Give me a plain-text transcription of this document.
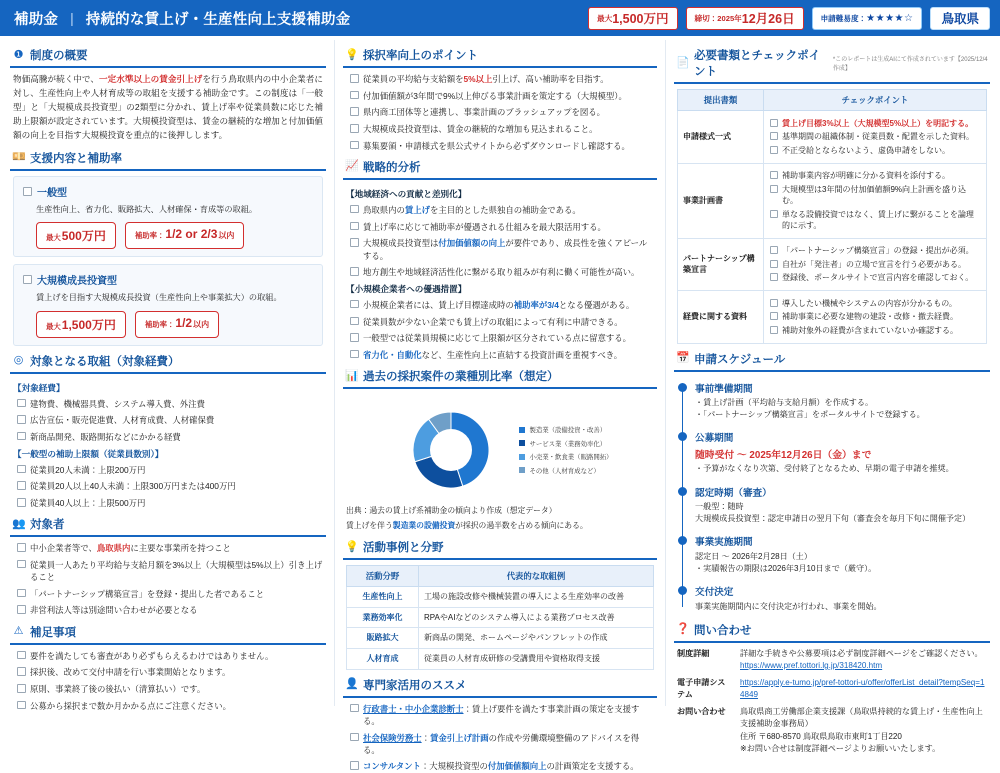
補助金 | 持続的な賃上げ・生産性向上支援補助金	最大 1,500万円	締切： 2025年 12月26日	申請難易度： ★★★★☆ 鳥取県
❶ 制度の概要

物価高騰が続く中で、一定水準以上の賃金引上げを行う鳥取県内の中小企業者に対し、生産性向上や人材育成等の取組を支援する補助金です。この制度は「一般型」と「大規模成長投資型」の2類型に分かれ、賃上げ率や従業員数に応じた補助上限額が設定されています。大規模投資型は、賃金の継続的な増加と付加価値額の向上を目指す大規模投資を重点的に後押しします。

💴 支援内容と補助率
一般型
生産性向上、省力化、販路拡大、人材確保・育成等の取組。
最大 500万円	補助率： 1/2 or 2/3 以内
大規模成長投資型
賃上げを目指す大規模成長投資（生産性向上や事業拡大）の取組。
最大 1,500万円	補助率： 1/2 以内
◎ 対象となる取組（対象経費）
【対象経費】
建物費、機械器具費、システム導入費、外注費
広告宣伝・販売促進費、人材育成費、人材確保費
新商品開発、販路開拓などにかかる経費
【一般型の補助上限額（従業員数別）】
従業員20人未満：上限200万円
従業員20人以上40人未満：上限300万円または400万円
従業員40人以上：上限500万円
👥 対象者
中小企業者等で、鳥取県内に主要な事業所を持つこと
従業員一人あたり平均給与支給月額を3%以上（大規模型は5%以上）引き上げること
「パートナーシップ構築宣言」を登録・提出した者であること
非営利法人等は別途問い合わせが必要となる
⚠ 補足事項
要件を満たしても審査があり必ずもらえるわけではありません。
採択後、改めて交付申請を行い事業開始となります。
原則、事業終了後の後払い（清算払い）です。
公募から採択まで数か月かかる点にご注意ください。
💡 採択率向上のポイント
従業員の平均給与支給額を5%以上引上げ、高い補助率を目指す。
付加価値額が3年間で9%以上伸びる事業計画を策定する（大規模型）。
県内商工団体等と連携し、事業計画のブラッシュアップを図る。
大規模成長投資型は、賃金の継続的な増加も見込まれること。
募集要領・申請様式を県公式サイトから必ずダウンロードし確認する。
📈 戦略的分析
【地域経済への貢献と差別化】
鳥取県内の賃上げを主目的とした県独自の補助金である。
賃上げ率に応じて補助率が優遇される仕組みを最大限活用する。
大規模成長投資型は付加価値額の向上が要件であり、成長性を強くアピールする。
地方創生や地域経済活性化に繋がる取り組みが有利に働く可能性が高い。
【小規模企業者への優遇措置】
小規模企業者には、賃上げ目標達成時の補助率が3/4となる優遇がある。
従業員数が少ない企業でも賃上げの取組によって有利に申請できる。
一般型では従業員規模に応じて上限額が区分されている点に留意する。
省力化・自動化など、生産性向上に直結する投資計画を重視すべき。
📊 過去の採択案件の業種別比率（想定）
製造業（設備投資・改善）
サービス業（業務効率化）
小売業・飲食業（販路開拓）
その他（人材育成など）
出典：過去の賃上げ系補助金の傾向より作成（想定データ）
賃上げを伴う製造業の設備投資が採択の過半数を占める傾向にある。
💡 活動事例と分野
活動分野	代表的な取組例
生産性向上	工場の施設改修や機械装置の導入による生産効率の改善
業務効率化	RPAやAIなどのシステム導入による業務プロセス改善
販路拡大	新商品の開発、ホームページやパンフレットの作成
人材育成	従業員の人材育成研修の受講費用や資格取得支援
👤 専門家活用のススメ
行政書士・中小企業診断士：賃上げ要件を満たす事業計画の策定を支援する。
社会保険労務士：賃金引上げ計画の作成や労働環境整備のアドバイスを得る。
コンサルタント：大規模投資型の付加価値額向上の計画策定を支援する。
📄
必要書類とチェックポイント
*このレポートは生成AIにて作成されています【2025/12/4作成】
提出書類	チェックポイント
申請様式一式	
賃上げ目標3%以上（大規模型5%以上）を明記する。
基準期間の組織体制・従業員数・配置を示した資料。
不正受給とならないよう、虚偽申請をしない。

事業計画書	
補助事業内容が明確に分かる資料を添付する。
大規模型は3年間の付加価値額9%向上計画を盛り込む。
単なる設備投資ではなく、賃上げに繋がることを論理的に示す。

パートナーシップ構築宣言	
「パートナーシップ構築宣言」の登録・提出が必須。
自社が「発注者」の立場で宣言を行う必要がある。
登録後、ポータルサイトで宣言内容を確認しておく。

経費に関する資料	
導入したい機械やシステムの内容が分かるもの。
補助事業に必要な建物の建設・改修・撤去経費。
補助対象外の経費が含まれていないか確認する。
📅 申請スケジュール
事前準備期間
・賃上げ計画（平均給与支給月額）を作成する。
・「パートナーシップ構築宣言」をポータルサイトで登録する。
公募期間
随時受付 ～ 2025年12月26日（金）まで
・予算がなくなり次第、受付終了となるため、早期の電子申請を推奨。
認定時期（審査）
一般型：随時
大規模成長投資型：認定申請日の翌月下旬（審査会を毎月下旬に開催予定）
事業実施期間
認定日 ～ 2026年2月28日（土）
・実績報告の期限は2026年3月10日まで（厳守）。
交付決定
事業実施期間内に交付決定が行われ、事業を開始。
❓ 問い合わせ
制度詳細	詳細な手続きや公募要項は必ず制度詳細ページをご確認ください。
https://www.pref.tottori.lg.jp/318420.htm
電子申請システム
https://apply.e-tumo.jp/pref-tottori-u/offer/offerList_detail?tempSeq=14849
お問い合わせ	鳥取県商工労働部企業支援課（鳥取県持続的な賃上げ・生産性向上支援補助金事務局）
住所 〒680-8570 鳥取県鳥取市東町1丁目220
※お問い合せは制度詳細ページよりお願いいたします。
